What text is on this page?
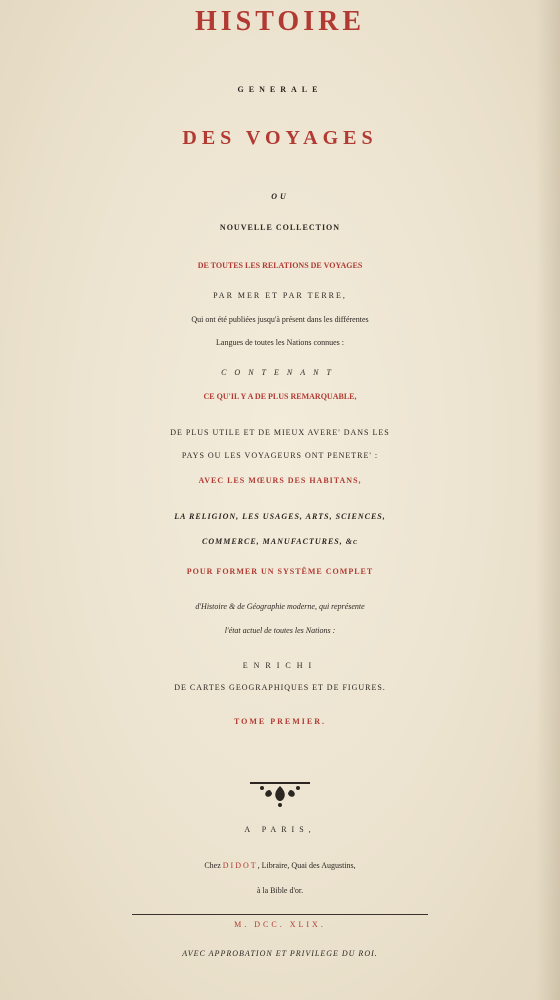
HISTOIRE

GENERALE

DES VOYAGES

OU

NOUVELLE COLLECTION

DE TOUTES LES RELATIONS DE VOYAGES

PAR MER ET PAR TERRE,

Qui ont été publiées jusqu'à présent dans les différentes

Langues de toutes les Nations connues :

CONTENANT

CE QU'IL Y A DE PLUS REMARQUABLE,

DE PLUS UTILE ET DE MIEUX AVERE' DANS LES

PAYS OU LES VOYAGEURS ONT PENETRE' :

AVEC LES MŒURS DES HABITANS,

LA RELIGION, LES USAGES, ARTS, SCIENCES,

COMMERCE, MANUFACTURES, &c

POUR FORMER UN SYSTÊME COMPLET

d'Histoire & de Géographie moderne, qui représente

l'état actuel de toutes les Nations :

ENRICHI

DE CARTES GEOGRAPHIQUES ET DE FIGURES.

TOME PREMIER.

A PARIS,

Chez DIDOT, Libraire, Quai des Augustins,

à la Bible d'or.

M. DCC. XLIX.

AVEC APPROBATION ET PRIVILEGE DU ROI.
